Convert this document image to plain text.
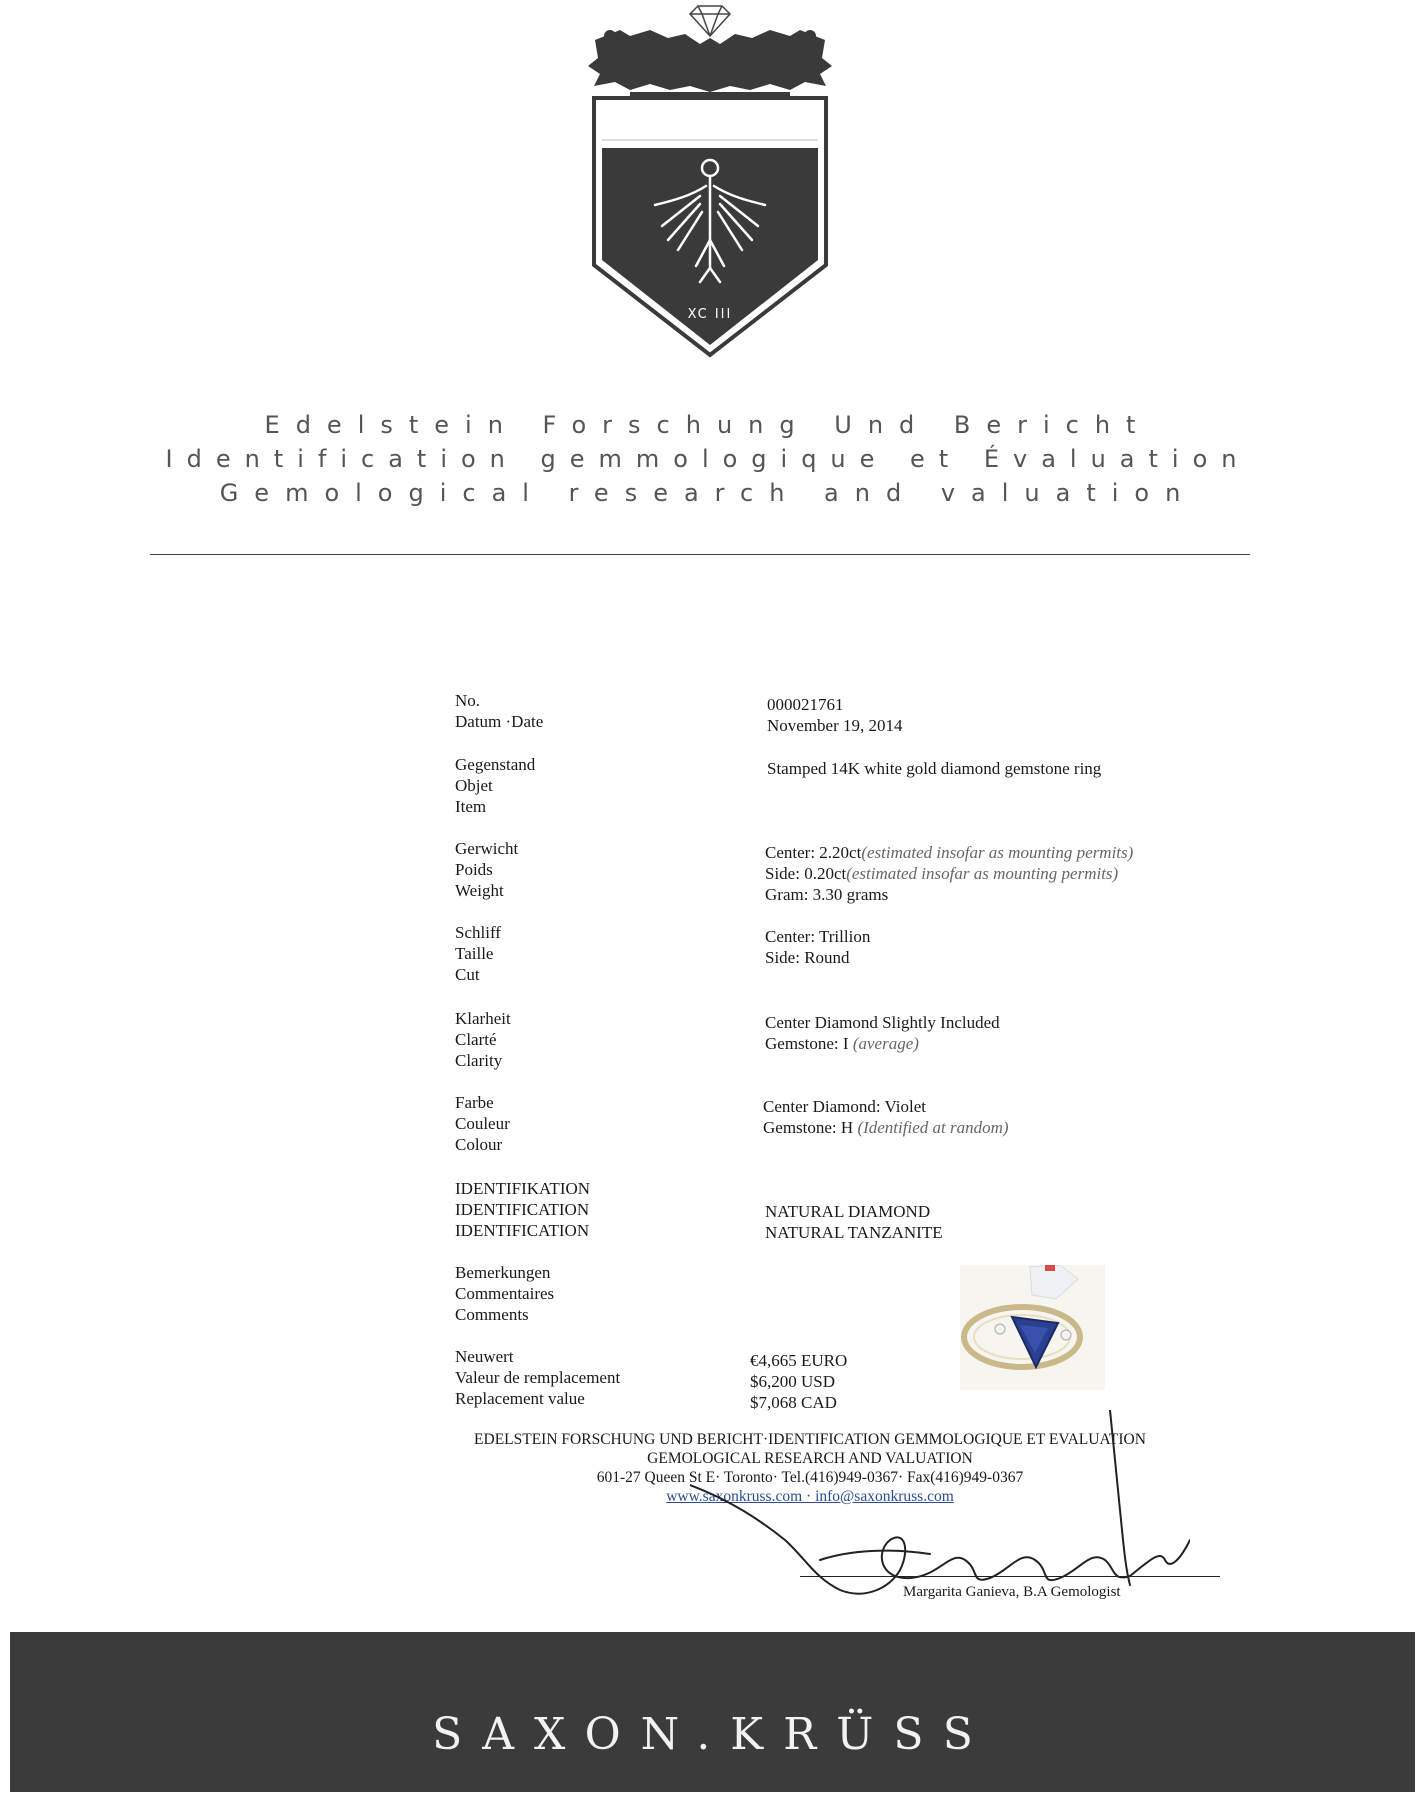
XC III
Edelstein Forschung Und Bericht
Identification gemmologique et Évaluation
Gemological research and valuation
No.
Datum ·Date
000021761
November 19, 2014
Gegenstand
Objet
Item
Stamped 14K white gold diamond gemstone ring
Gerwicht
Poids
Weight
Center: 2.20ct(estimated insofar as mounting permits)
Side: 0.20ct(estimated insofar as mounting permits)
Gram: 3.30 grams
Schliff
Taille
Cut
Center: Trillion
Side: Round
Klarheit
Clarté
Clarity
Center Diamond Slightly Included
Gemstone: I (average)
Farbe
Couleur
Colour
Center Diamond: Violet
Gemstone: H (Identified at random)
IDENTIFIKATION
IDENTIFICATION
IDENTIFICATION
NATURAL DIAMOND
NATURAL TANZANITE
Bemerkungen
Commentaires
Comments
Neuwert
Valeur de remplacement
Replacement value
€4,665 EURO
$6,200 USD
$7,068 CAD
EDELSTEIN FORSCHUNG UND BERICHT·IDENTIFICATION GEMMOLOGIQUE ET EVALUATION
GEMOLOGICAL RESEARCH AND VALUATION
601-27 Queen St E· Toronto· Tel.(416)949-0367· Fax(416)949-0367
www.saxonkruss.com · info@saxonkruss.com
Margarita Ganieva, B.A Gemologist
SAXON.KRÜSS
